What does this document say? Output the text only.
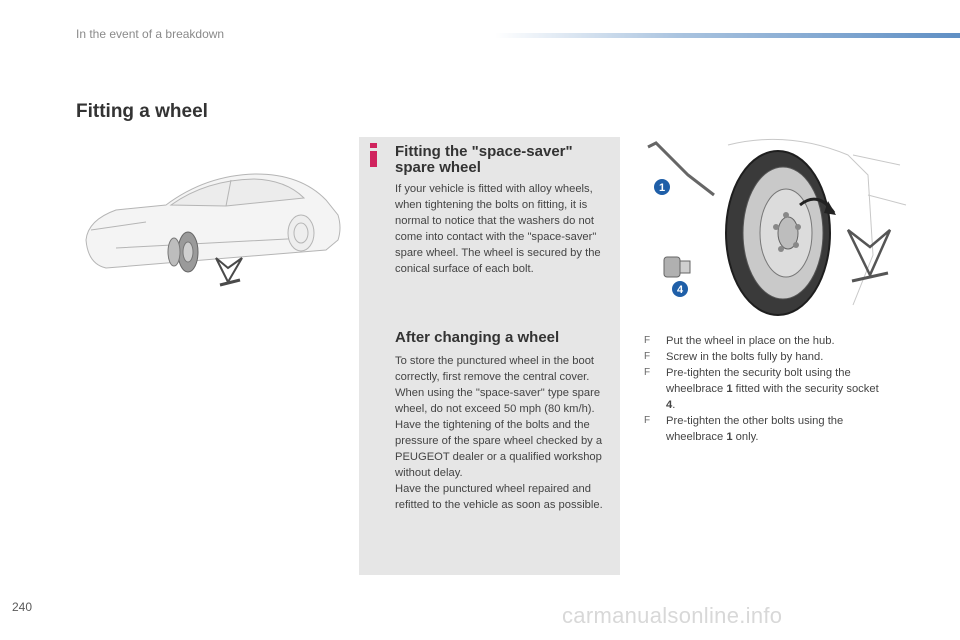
In the event of a breakdown
Fitting a wheel
Fitting the "space-saver" spare wheel
If your vehicle is fitted with alloy wheels, when tightening the bolts on fitting, it is normal to notice that the washers do not come into contact with the "space-saver" spare wheel. The wheel is secured by the conical surface of each bolt.
After changing a wheel
To store the punctured wheel in the boot correctly, first remove the central cover.
When using the "space-saver" type spare wheel, do not exceed 50 mph (80 km/h).
Have the tightening of the bolts and the pressure of the spare wheel checked by a PEUGEOT dealer or a qualified workshop without delay.
Have the punctured wheel repaired and refitted to the vehicle as soon as possible.
1
4
F Put the wheel in place on the hub.
F Screw in the bolts fully by hand.
F Pre-tighten the security bolt using the wheelbrace 1 fitted with the security socket 4.
F Pre-tighten the other bolts using the wheelbrace 1 only.
240	carmanualsonline.info
